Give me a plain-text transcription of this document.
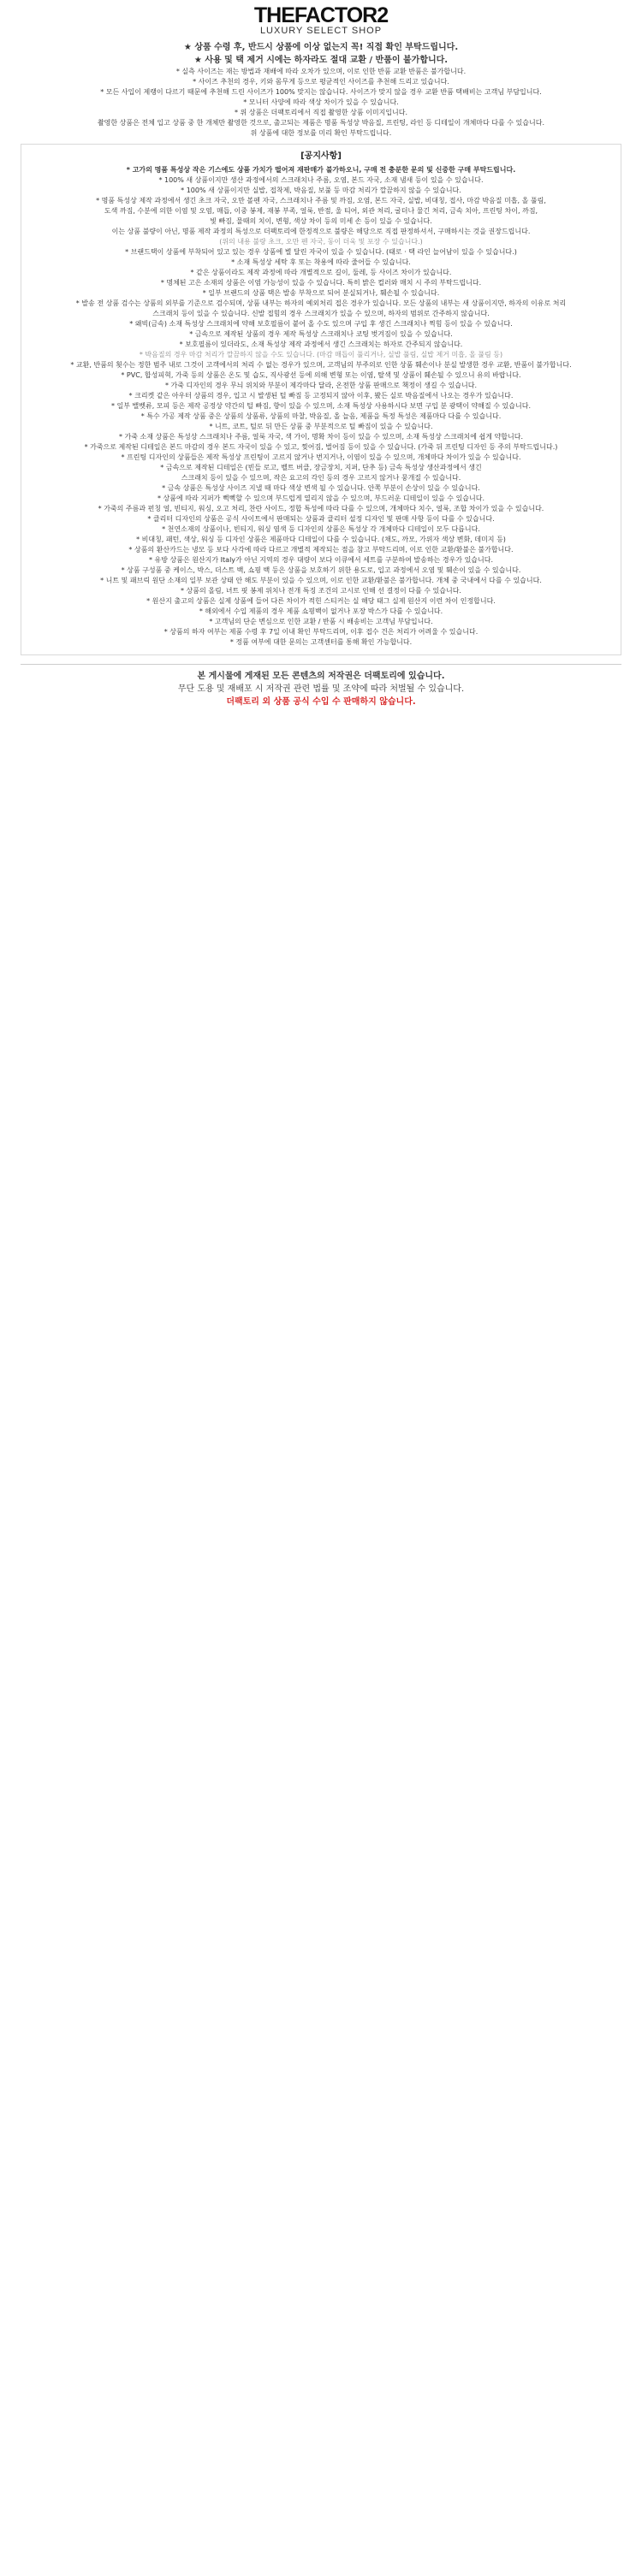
THEFACTOR2
LUXURY SELECT SHOP

★ 상품 수령 후, 반드시 상품에 이상 없는지 꼭! 직접 확인 부탁드립니다.

★ 사용 및 택 제거 시에는 하자라도 절대 교환 / 반품이 불가합니다.

* 실측 사이즈는 재는 방법과 재배에 따라 오차가 있으며, 이로 인한 반품 교환 반품은 불가합니다.

* 사이즈 추천의 경우, 키와 몸무게 등으로 평균적인 사이즈를 추천해 드리고 있습니다.

* 모든 사입이 제랭이 다르기 때문에 추천해 드린 사이즈가 100% 맞지는 않습니다. 사이즈가 맞지 않을 경우 교환 반품 택배비는 고객님 부담입니다.

* 모니터 사양에 따라 색상 차이가 있을 수 있습니다.

* 위 상품은 더팩토리에서 직접 촬영한 상품 이미지입니다.

촬영한 상품은 전체 입고 상품 중 한 개체만 촬영한 것으로, 출고되는 제품은 명품 특성상 박음질, 프린팅, 라인 등 디테일이 개체마다 다를 수 있습니다.

위 상품에 대한 정보를 미리 확인 부탁드립니다.

[공지사항]

* 고가의 명품 특성상 작은 기스에도 상품 가치가 떨어져 재판매가 불가하오니, 구매 전 충분한 문의 및 신중한 구매 부탁드립니다.

* 100% 새 상품이지만 생산 과정에서의 스크래치나 주름, 오염, 본드 자국, 소재 냄새 등이 있을 수 있습니다.

* 100% 새 상품이지만 실밥, 접착제, 박음질, 보풀 등 마감 처리가 깔끔하지 않을 수 있습니다.

* 명품 특성상 제작 과정에서 생긴 초크 자국, 오만 볼펜 자국, 스크래치나 주름 및 까짐, 오염, 본드 자국, 실밥, 비대칭, 접사, 마감 박음질 미흡, 올 풀림,

도색 까짐, 수분에 의한 이염 및 오염, 매듭, 이중 봉제, 재봉 부족, 얼룩, 반점, 울 티어, 외관 처리, 굴더나 물긴 처리, 금속 치아, 프린팅 차이, 까짐,

빛 빠짐, 물때의 치이, 변형, 색상 차이 등의 미세 손 등이 있을 수 있습니다.

이는 상품 불량이 아닌, 명품 제작 과정의 특성으로 더팩토리에 한정적으로 불량은 해당으로 직접 판정하셔서, 구매하시는 것을 권장드립니다.

(위의 내용 불량 초크, 오만 펜 자국, 동이 더욱 및 포장 수 있습니다.)

* 브랜드택이 상품에 부착되어 있고 있는 경우 상품에 별 달린 자국이 있을 수 있습니다. (태로 · 택 라인 늘어남이 있을 수 있습니다.)

* 소재 특성상 세탁 후 또는 착용에 따라 줄어들 수 있습니다.

* 같은 상품이라도 제작 과정에 따라 개별적으로 길이, 둘레, 등 사이즈 차이가 있습니다.

* 명체된 고은 소재의 상품은 이염 가능성이 있을 수 있습니다. 특히 밝은 컬러와 매치 시 주의 부탁드립니다.

* 일부 브랜드의 상품 택은 발송 부착으로 되어 분실되거나, 훼손될 수 있습니다.

* 발송 전 상품 검수는 상품의 외부를 기준으로 검수되며, 상품 내부는 하자의 예외처리 접은 경우가 있습니다. 모든 상품의 내부는 새 상품이지만, 하자의 이유로 처리

스크래치 등이 있을 수 있습니다. 신발 접힘의 경우 스크래치가 있을 수 있으며, 하자의 범위로 간주하지 않습니다.

* 왜빅(금속) 소재 특성상 스크래치에 약해 보호필름이 붙어 올 수도 있으며 구입 후 생긴 스크래치나 찍힘 등이 있을 수 있습니다.

* 금속으로 제작된 상품의 경우 제작 특성상 스크래치나 코팅 벗겨짐이 있을 수 있습니다.

* 보호필름이 있더라도, 소재 특성상 제작 과정에서 생긴 스크래치는 하자로 간주되지 않습니다.

* 박음질의 경우 마감 처리가 깔끔하지 않을 수도 있습니다. (마감 매듭이 풀리거나, 실밥 풀림, 실밥 제거 미흡, 올 풀림 등)

* 교환, 반품의 횟수는 정한 범주 내로 그것이 고객에서의 처리 수 없는 경우가 있으며, 고객님의 부주의로 인한 상품 훼손이나 분실 발생한 경우 교환, 반품이 불가합니다.

* PVC, 합성피혁, 가죽 등의 상품은 온도 및 습도, 직사광선 등에 의해 변형 또는 이염, 탈색 및 상품이 훼손될 수 있으니 유의 바랍니다.

* 가죽 디자인의 경우 무늬 위치와 부분이 제각마다 달라, 온전한 상품 판매으로 책정이 생길 수 있습니다.

* 크리켓 같은 아우터 상품의 경우, 입고 시 발생된 털 빠짐 등 고정되지 않아 이후, 봤든 실로 박음질에서 나오는 경우가 있습니다.

* 일부 밸벳류, 모피 등은 제작 공정상 약간의 털 빠짐, 향이 있을 수 있으며, 소재 특성상 사용하시다 보면 구입 분 광택이 약해질 수 있습니다.

* 특수 가공 제작 상품 중은 상품의 상품류, 상품의 마찰, 박음질, 올 늘음, 제품을 특정 특성은 제품마다 다를 수 있습니다.

* 니트, 코트, 털로 뒤 만든 상품 중 부분적으로 털 빠짐이 있을 수 있습니다.

* 가죽 소재 상품은 특성상 스크래치나 주름, 얼룩 자국, 색 가이, 명확 차이 등이 있을 수 있으며, 소재 특성상 스크래치에 쉽게 약합니다.

* 가죽으로 제작된 디테일은 본드 마감의 경우 본드 자국이 있을 수 있고, 찢어짐, 벌어짐 등이 있을 수 있습니다. (가죽 뒤 프린팅 디자인 등 주의 부탁드립니다.)

* 프린팅 디자인의 상품들은 제작 특성상 프린팅이 고르지 않거나 번지거나, 이염이 있을 수 있으며, 개체마다 차이가 있을 수 있습니다.

* 금속으로 제작된 디테일은 (빈들 로고, 벨트 버클, 장금장치, 지퍼, 단추 등) 금속 특성상 생산과정에서 생긴

스크래치 등이 있을 수 있으며, 작은 요고의 각인 등의 경우 고르지 않거나 뭉개질 수 있습니다.

* 금속 상품은 특성상 사이즈 지낼 때 마다 색상 변색 될 수 있습니다. 안쪽 부분이 손상이 있을 수 있습니다.

* 상품에 따라 지퍼가 뻑뻑할 수 있으며 부드럽게 열리지 않을 수 있으며, 부드러운 디테일이 있을 수 있습니다.

* 가죽의 주름과 펀칭 얼, 빈티지, 워싱, 오고 처리, 찬란 사이드, 정합 특성에 따라 다를 수 있으며, 개체마다 치수, 얼룩, 조합 차이가 있을 수 있습니다.

* 클리터 디자인의 상품은 공식 사이트에서 판매되는 상품과 클리터 설정 디자인 및 판매 사항 등이 다를 수 있습니다.

* 천연소재의 상품이나, 빈티지, 워싱 염색 등 디자인의 상품은 특성상 각 개체마다 디테일이 모두 다릅니다.

* 비대칭, 패턴, 색상, 워싱 등 디자인 상품은 제품마다 디테일이 다를 수 있습니다. (채도, 까모, 가위자 색상 변화, 데미지 등)

* 상품의 환산카드는 냉모 등 보다 사각에 따라 다르고 개별적 제작되는 점을 참고 부탁드리며, 이로 인한 교환/환불은 불가합니다.

* 유방 상품은 원산지가 Italy가 아닌 지역의 경우 대량이 보다 이큐에서 세트를 구분하여 발송하는 경우가 있습니다.

* 상품 구성품 중 케이스, 박스, 더스트 백, 쇼핑 백 등은 상품을 보호하기 위한 용도로, 입고 과정에서 오염 및 훼손이 있을 수 있습니다.

* 니트 및 패브릭 원단 소재의 일부 보관 상태 안 해도 부분이 있을 수 있으며, 이로 인한 교환/환불은 불가합니다. 개체 중 국내에서 다를 수 있습니다.

* 상품의 올림, 녀트 핏 봉제 위치나 전개 특징 조건의 고시로 인해 선 결정이 다를 수 있습니다.

* 원산지 출고의 상품은 실제 상품에 들어 다른 차이가 적힌 스티커는 실 해당 태그 실제 원산지 이런 차이 인정합니다.

* 해외에서 수입 제품의 경우 제품 쇼핑백이 없거나 포장 박스가 다를 수 있습니다.

* 고객님의 단순 변심으로 인한 교환 / 반품 시 배송비는 고객님 부담입니다.

* 상품의 하자 여부는 제품 수령 후 7일 이내 확인 부탁드리며, 이후 접수 건은 처리가 어려울 수 있습니다.

* 정품 여부에 대한 문의는 고객센터를 통해 확인 가능합니다.

본 게시물에 게재된 모든 콘텐츠의 저작권은 더팩토리에 있습니다.

무단 도용 및 재배포 시 저작권 관련 법률 및 조약에 따라 처벌될 수 있습니다.

더팩토리 외 상품 공식 수입 수 판매하지 않습니다.
